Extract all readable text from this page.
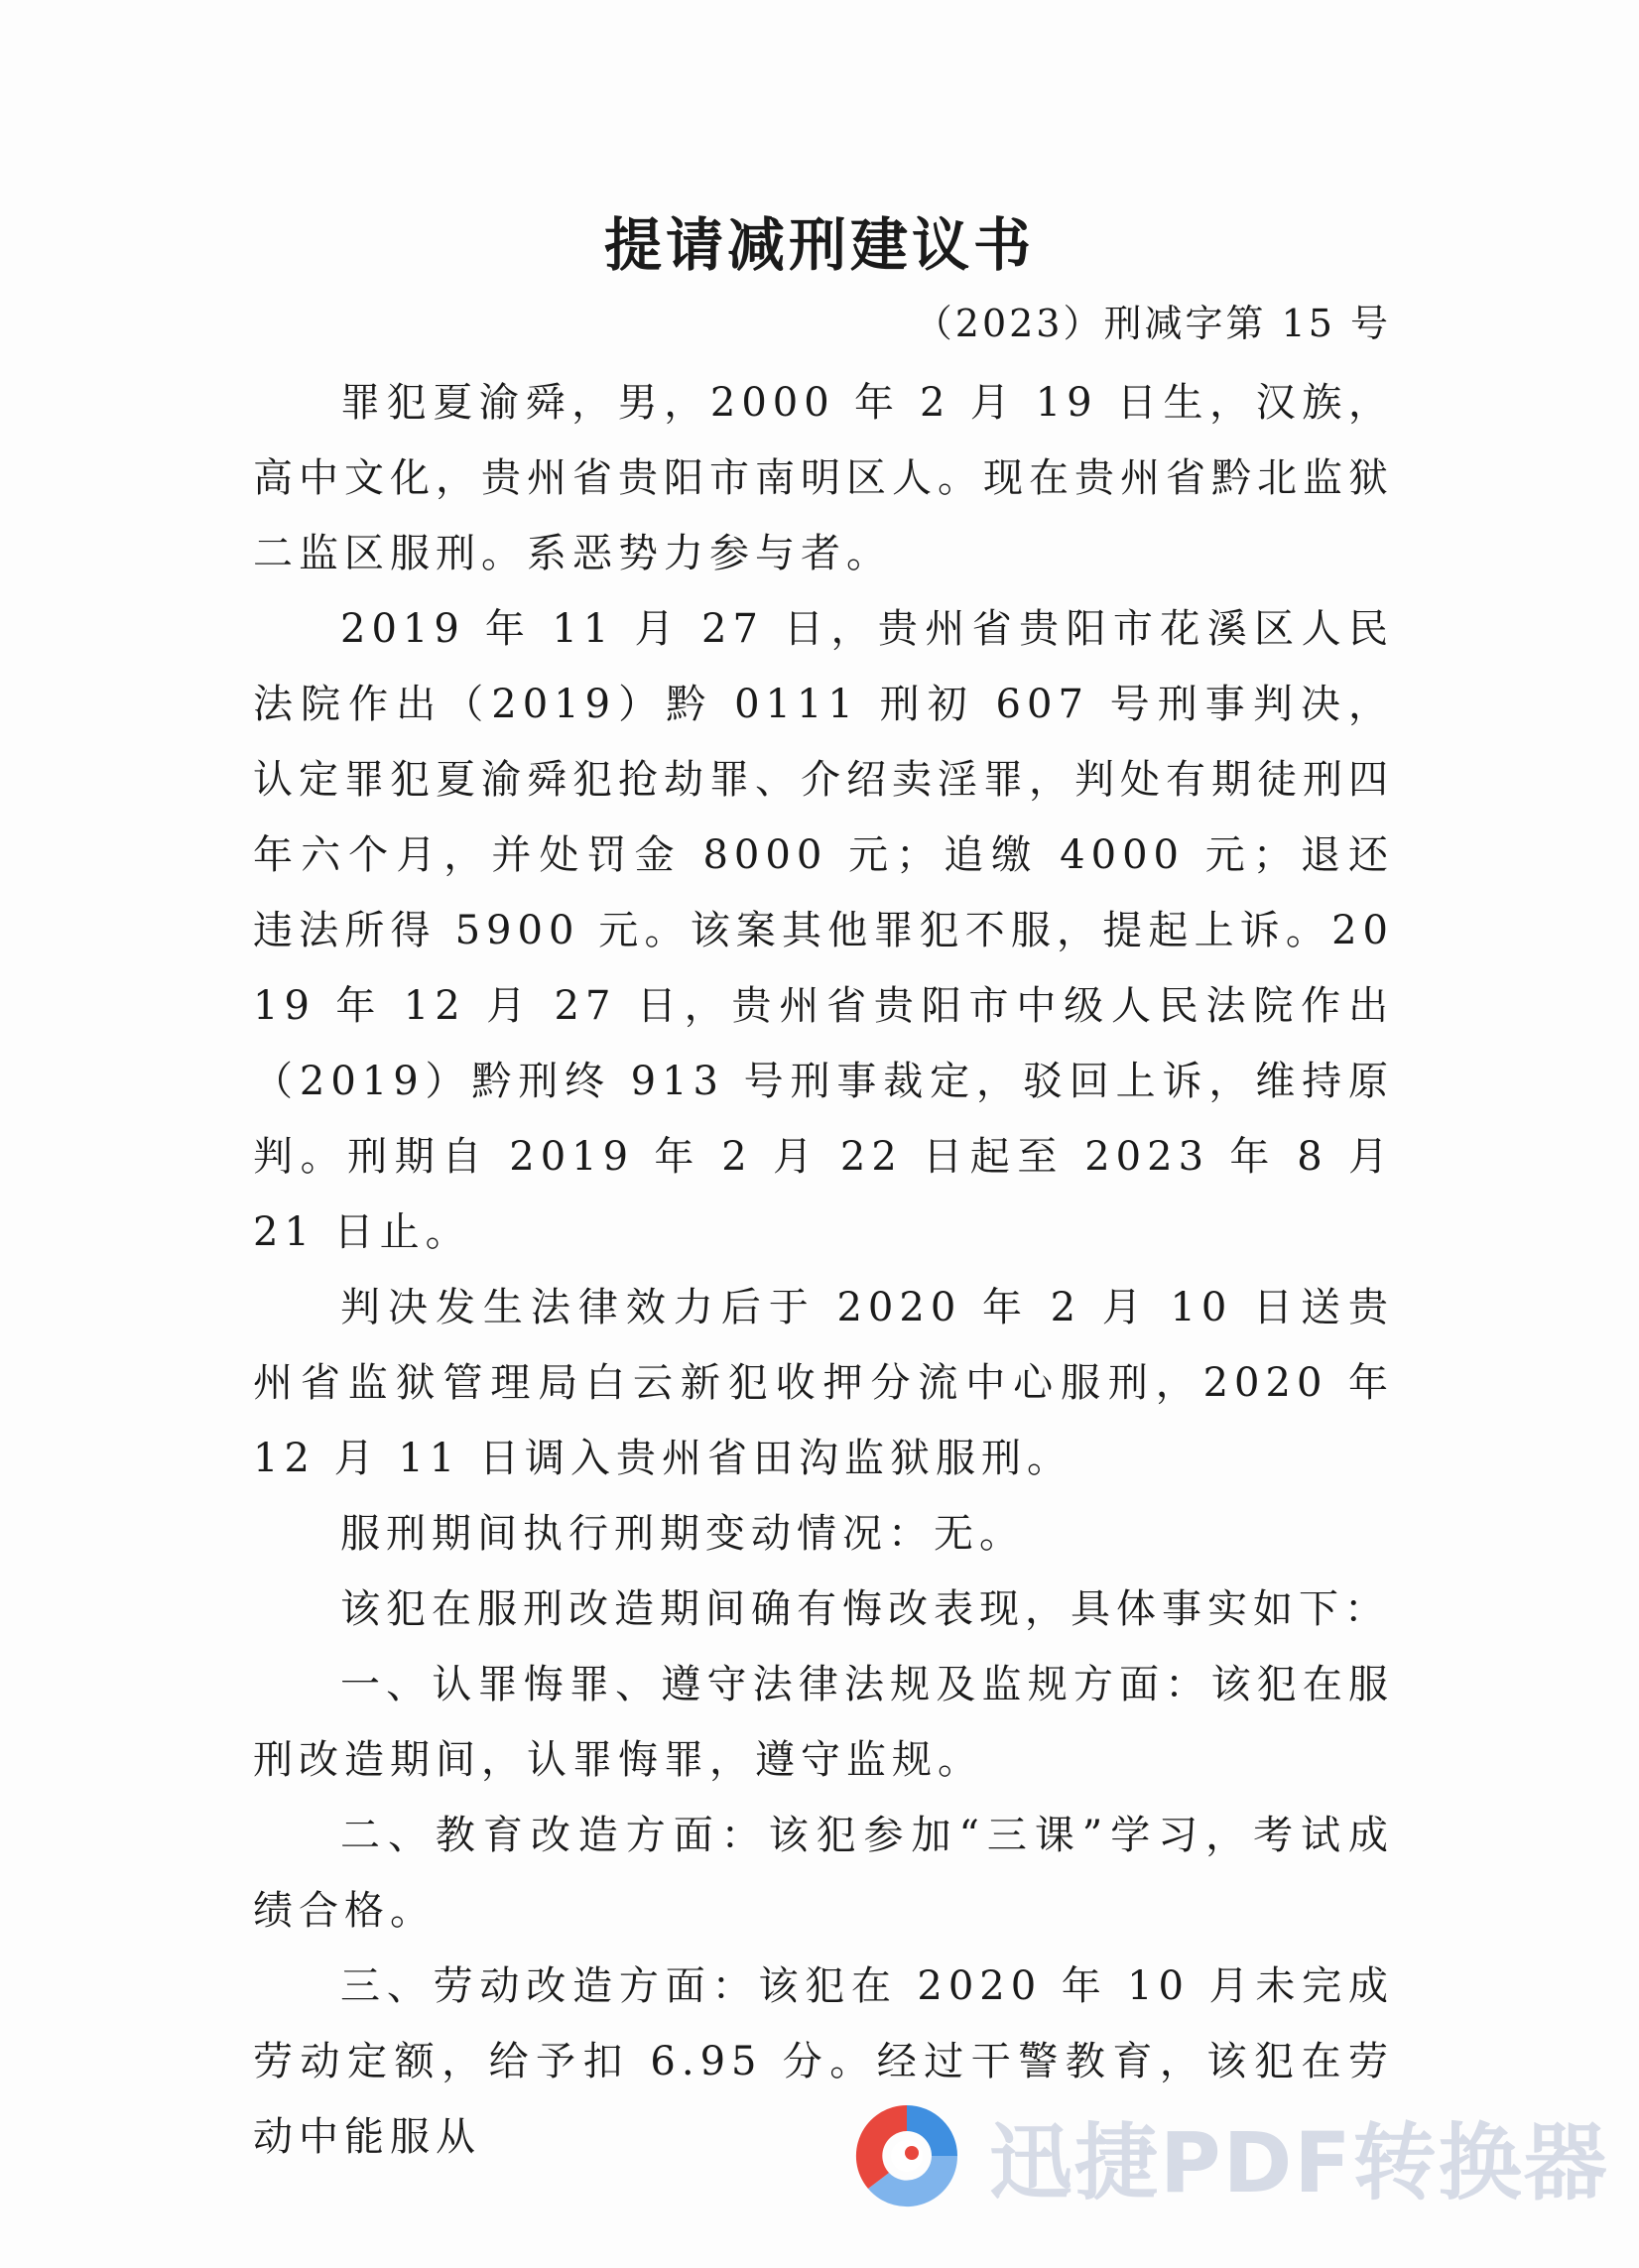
提请减刑建议书

（2023）刑减字第 15 号

罪犯夏渝舜，男，2000 年 2 月 19 日生，汉族，高中文化，贵州省贵阳市南明区人。现在贵州省黔北监狱二监区服刑。系恶势力参与者。

2019 年 11 月 27 日，贵州省贵阳市花溪区人民法院作出（2019）黔 0111 刑初 607 号刑事判决，认定罪犯夏渝舜犯抢劫罪、介绍卖淫罪，判处有期徒刑四年六个月，并处罚金 8000 元；追缴 4000 元；退还违法所得 5900 元。该案其他罪犯不服，提起上诉。2019 年 12 月 27 日，贵州省贵阳市中级人民法院作出（2019）黔刑终 913 号刑事裁定，驳回上诉，维持原判。刑期自 2019 年 2 月 22 日起至 2023 年 8 月 21 日止。

判决发生法律效力后于 2020 年 2 月 10 日送贵州省监狱管理局白云新犯收押分流中心服刑，2020 年 12 月 11 日调入贵州省田沟监狱服刑。

服刑期间执行刑期变动情况：无。

该犯在服刑改造期间确有悔改表现，具体事实如下：

一、认罪悔罪、遵守法律法规及监规方面：该犯在服刑改造期间，认罪悔罪，遵守监规。

二、教育改造方面：该犯参加“三课”学习，考试成绩合格。

三、劳动改造方面：该犯在 2020 年 10 月未完成劳动定额，给予扣 6.95 分。经过干警教育，该犯在劳动中能服从	迅捷PDF转换器
